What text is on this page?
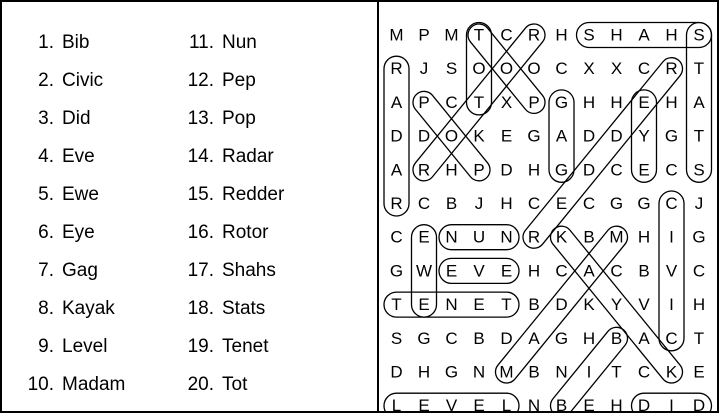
1. Bib
2. Civic
3. Did
4. Eve
5. Ewe
6. Eye
7. Gag
8. Kayak
9. Level
10. Madam
11. Nun
12. Pep
13. Pop
14. Radar
15. Redder
16. Rotor
17. Shahs
18. Stats
19. Tenet
20. Tot
M P M T C R H S H A H S
R J S O O O C X X C R T
A P C T X P G H H E H A
D D O K E G A D D Y G T
A R H P D H G D C E C S
R C B J H C E C G G C J
C E N U N R K B M H I G
G W E V E H C A C B V C
T E N E T B D K Y V I H
S G C B D A G H B A C T
D H G N M B N I T C K E
L E V E L N B E H D I D
